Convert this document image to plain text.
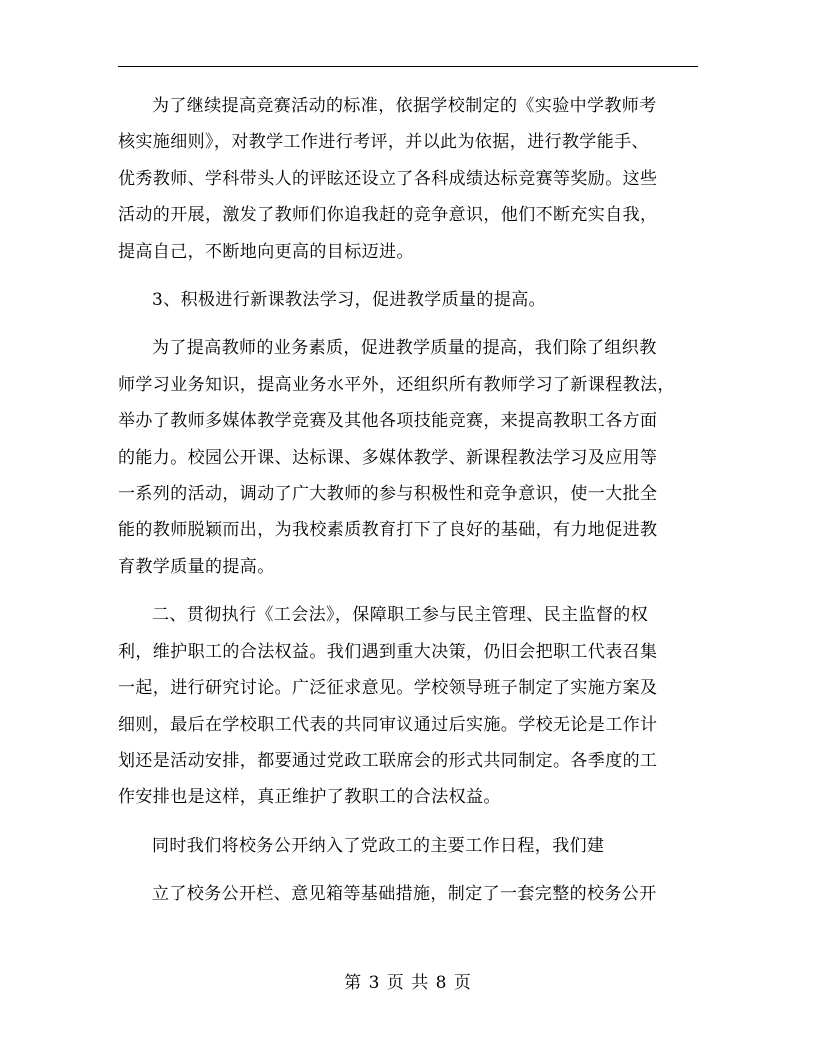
为了继续提高竞赛活动的标准，依据学校制定的《实验中学教师考
核实施细则》，对教学工作进行考评，并以此为依据，进行教学能手、
优秀教师、学科带头人的评眩还设立了各科成绩达标竞赛等奖励。这些
活动的开展，激发了教师们你追我赶的竞争意识，他们不断充实自我，
提高自己，不断地向更高的目标迈进。
3、积极进行新课教法学习，促进教学质量的提高。
为了提高教师的业务素质，促进教学质量的提高，我们除了组织教
师学习业务知识，提高业务水平外，还组织所有教师学习了新课程教法，
举办了教师多媒体教学竞赛及其他各项技能竞赛，来提高教职工各方面
的能力。校园公开课、达标课、多媒体教学、新课程教法学习及应用等
一系列的活动，调动了广大教师的参与积极性和竞争意识，使一大批全
能的教师脱颖而出，为我校素质教育打下了良好的基础，有力地促进教
育教学质量的提高。
二、贯彻执行《工会法》，保障职工参与民主管理、民主监督的权
利，维护职工的合法权益。我们遇到重大决策，仍旧会把职工代表召集
一起，进行研究讨论。广泛征求意见。学校领导班子制定了实施方案及
细则，最后在学校职工代表的共同审议通过后实施。学校无论是工作计
划还是活动安排，都要通过党政工联席会的形式共同制定。各季度的工
作安排也是这样，真正维护了教职工的合法权益。
同时我们将校务公开纳入了党政工的主要工作日程，我们建
立了校务公开栏、意见箱等基础措施，制定了一套完整的校务公开
第 3 页 共 8 页
